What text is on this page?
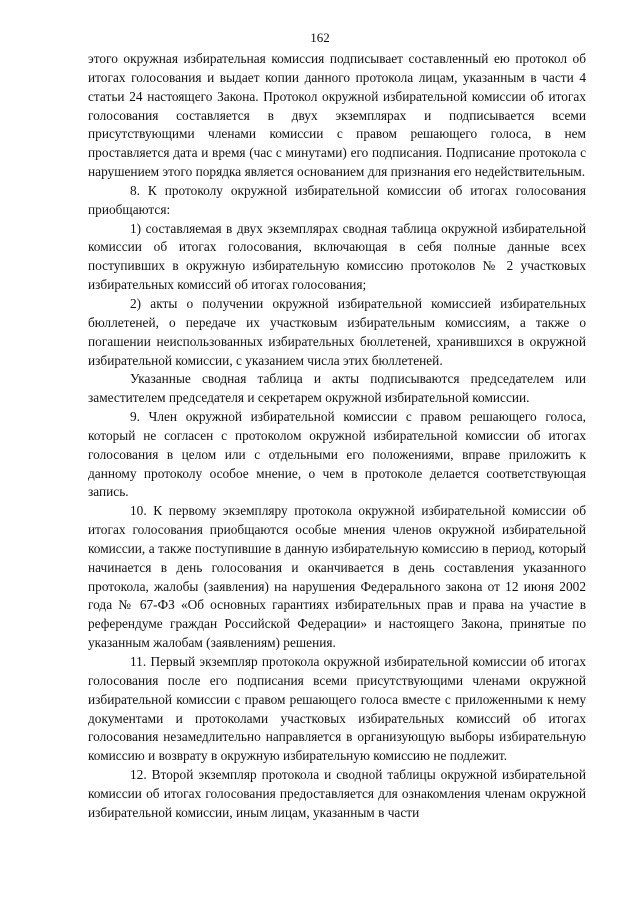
162

этого окружная избирательная комиссия подписывает составленный ею протокол об итогах голосования и выдает копии данного протокола лицам, указанным в части 4 статьи 24 настоящего Закона. Протокол окружной избирательной комиссии об итогах голосования составляется в двух экземплярах и подписывается всеми присутствующими членами комиссии с правом решающего голоса, в нем проставляется дата и время (час с минутами) его подписания. Подписание протокола с нарушением этого порядка является основанием для признания его недействительным.

8. К протоколу окружной избирательной комиссии об итогах голосования приобщаются:

1) составляемая в двух экземплярах сводная таблица окружной избирательной комиссии об итогах голосования, включающая в себя полные данные всех поступивших в окружную избирательную комиссию протоколов № 2 участковых избирательных комиссий об итогах голосования;

2) акты о получении окружной избирательной комиссией избирательных бюллетеней, о передаче их участковым избирательным комиссиям, а также о погашении неиспользованных избирательных бюллетеней, хранившихся в окружной избирательной комиссии, с указанием числа этих бюллетеней.

Указанные сводная таблица и акты подписываются председателем или заместителем председателя и секретарем окружной избирательной комиссии.

9. Член окружной избирательной комиссии с правом решающего голоса, который не согласен с протоколом окружной избирательной комиссии об итогах голосования в целом или с отдельными его положениями, вправе приложить к данному протоколу особое мнение, о чем в протоколе делается соответствующая запись.

10. К первому экземпляру протокола окружной избирательной комиссии об итогах голосования приобщаются особые мнения членов окружной избирательной комиссии, а также поступившие в данную избирательную комиссию в период, который начинается в день голосования и оканчивается в день составления указанного протокола, жалобы (заявления) на нарушения Федерального закона от 12 июня 2002 года № 67-ФЗ «Об основных гарантиях избирательных прав и права на участие в референдуме граждан Российской Федерации» и настоящего Закона, принятые по указанным жалобам (заявлениям) решения.

11. Первый экземпляр протокола окружной избирательной комиссии об итогах голосования после его подписания всеми присутствующими членами окружной избирательной комиссии с правом решающего голоса вместе с приложенными к нему документами и протоколами участковых избирательных комиссий об итогах голосования незамедлительно направляется в организующую выборы избирательную комиссию и возврату в окружную избирательную комиссию не подлежит.

12. Второй экземпляр протокола и сводной таблицы окружной избирательной комиссии об итогах голосования предоставляется для ознакомления членам окружной избирательной комиссии, иным лицам, указанным в части
